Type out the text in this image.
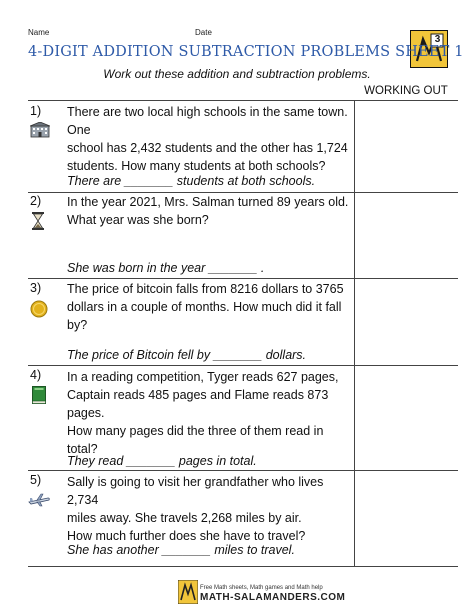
Name	Date
3
4-DIGIT ADDITION SUBTRACTION PROBLEMS SHEET 1
Work out these addition and subtraction problems.
WORKING OUT
1)	There are two local high schools in the same town. One
school has 2,432 students and the other has 1,724
students. How many students at both schools?
There are _______ students at both schools.
2)	In the year 2021, Mrs. Salman turned 89 years old.
What year was she born?
She was born in the year _______ .
3)	The price of bitcoin falls from 8216 dollars to 3765
dollars in a couple of months. How much did it fall by?
The price of Bitcoin fell by _______ dollars.
4)	In a reading competition, Tyger reads 627 pages,
Captain reads 485 pages and Flame reads 873 pages.
How many pages did the three of them read in total?
They read _______ pages in total.
5)	Sally is going to visit her grandfather who lives 2,734
miles away. She travels 2,268 miles by air.
How much further does she have to travel?
She has another _______ miles to travel.
Free Math sheets, Math games and Math help
MATH-SALAMANDERS.COM
